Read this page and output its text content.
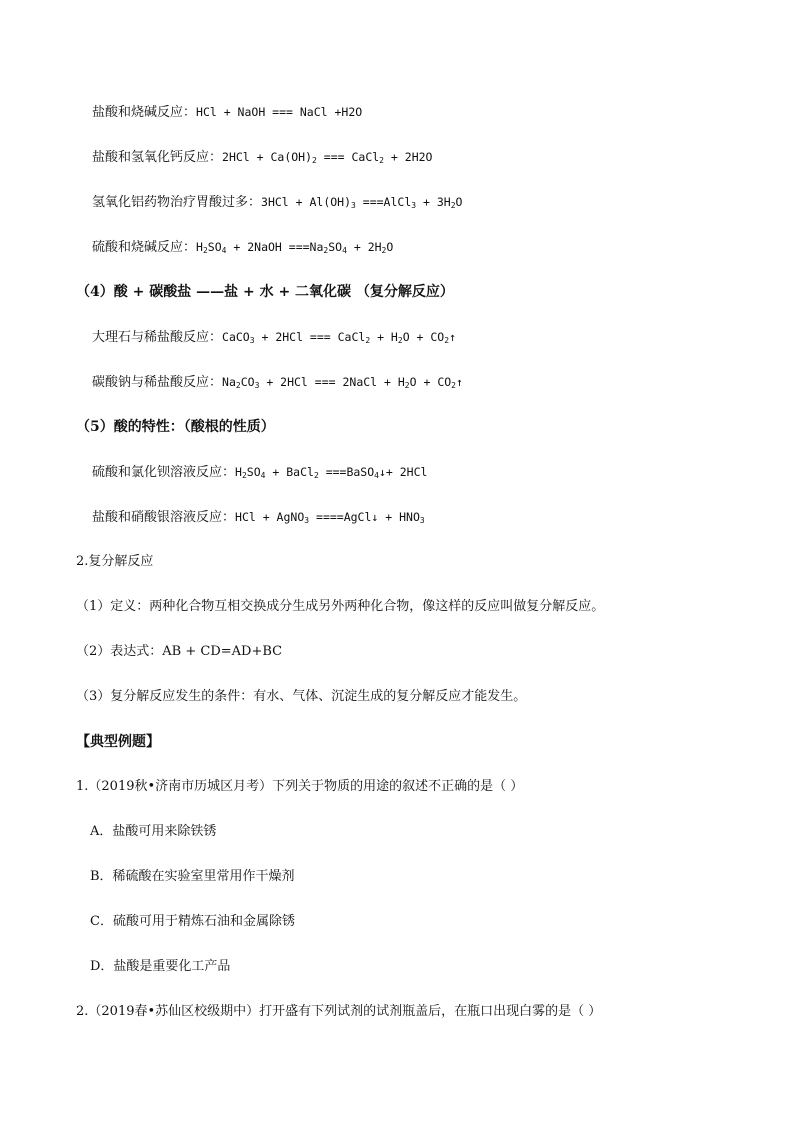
盐酸和烧碱反应：HCl + NaOH === NaCl +H2O
盐酸和氢氧化钙反应：$2HCl + Ca(OH)_2$ === CaCl$_2$ + 2H2O
氢氧化铝药物治疗胃酸过多：$3HCl + Al(OH)_3$ ===AlCl$_3$ + $3H_2O$
硫酸和烧碱反应：$H_2SO_4$ + 2NaOH $===Na_2SO_4 + 2H_2O$
（4）酸 + 碳酸盐 ——盐 + 水 + 二氧化碳 （复分解反应）
大理石与稀盐酸反应：CaCO$_3$ + 2HCl === CaCl$_2$ + $H_2O$ + $CO_2↑$
碳酸钠与稀盐酸反应：$Na_2CO_3 + 2HCl$ === 2NaCl + $H_2O$ + $CO_2↑$
（5）酸的特性：（酸根的性质）
硫酸和氯化钡溶液反应：$H_2SO_4$ + BaCl$_2$ ===BaSO$_4$↓+ 2HCl
盐酸和硝酸银溶液反应：HCl + AgNO$_3$ ====AgCl↓ + $HNO_3$
2.复分解反应
（1）定义：两种化合物互相交换成分生成另外两种化合物，像这样的反应叫做复分解反应。
（2）表达式：AB + CD=AD+BC
（3）复分解反应发生的条件：有水、气体、沉淀生成的复分解反应才能发生。
【典型例题】
1.（2019秋•济南市历城区月考）下列关于物质的用途的叙述不正确的是（ ）
A．盐酸可用来除铁锈
B．稀硫酸在实验室里常用作干燥剂
C．硫酸可用于精炼石油和金属除锈
D．盐酸是重要化工产品
2.（2019春•苏仙区校级期中）打开盛有下列试剂的试剂瓶盖后，在瓶口出现白雾的是（ ）
